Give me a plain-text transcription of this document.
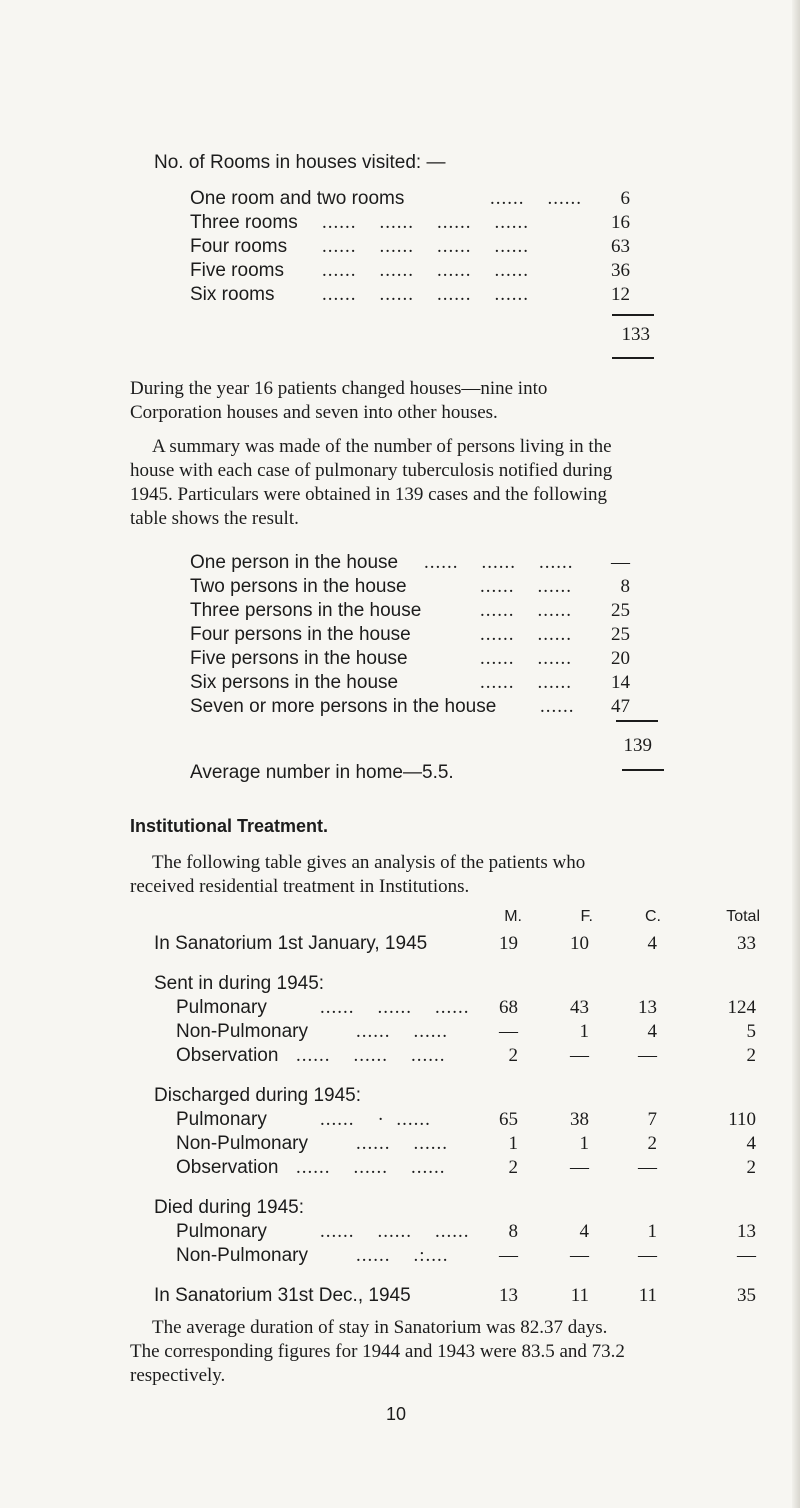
No. of Rooms in houses visited: —
One room and two rooms	......    ......	6
Three rooms ......    ......    ......    ......	16
Four rooms ......    ......    ......    ......	63
Five rooms ......    ......    ......    ......	36
Six rooms	......    ......    ......    ......	12
133
During the year 16 patients changed houses—nine into
Corporation houses and seven into other houses.
A summary was made of the number of persons living in the
house with each case of pulmonary tuberculosis notified during
1945. Particulars were obtained in 139 cases and the following
table shows the result.
One person in the house ......    ......    ......	—
Two persons in the house	......    ......	8
Three persons in the house	......    ......	25
Four persons in the house	......    ......	25
Five persons in the house	......    ......	20
Six persons in the house	......    ......	14
Seven or more persons in the house ......	47
139
Average number in home—5.5.
Institutional Treatment.
The following table gives an analysis of the patients who
received residential treatment in Institutions.
M.	F.	C.	Total
In Sanatorium 1st January, 1945	19	10	4	33
Sent in during 1945:
Pulmonary	......    ......    ......	68	43	13	124
Non-Pulmonary	......    ......	—	1	4	5
Observation ......    ......    ......	2	—	—	2
Discharged during 1945:
Pulmonary	......    ·  ......	65	38	7	110
Non-Pulmonary	......    ......	1	1	2	4
Observation ......    ......    ......	2	—	—	2
Died during 1945:
Pulmonary	......    ......    ......	8	4	1	13
Non-Pulmonary	......    .:....	—	—	—	—
In Sanatorium 31st Dec., 1945	13	11	11	35
The average duration of stay in Sanatorium was 82.37 days.
The corresponding figures for 1944 and 1943 were 83.5 and 73.2
respectively.
10
